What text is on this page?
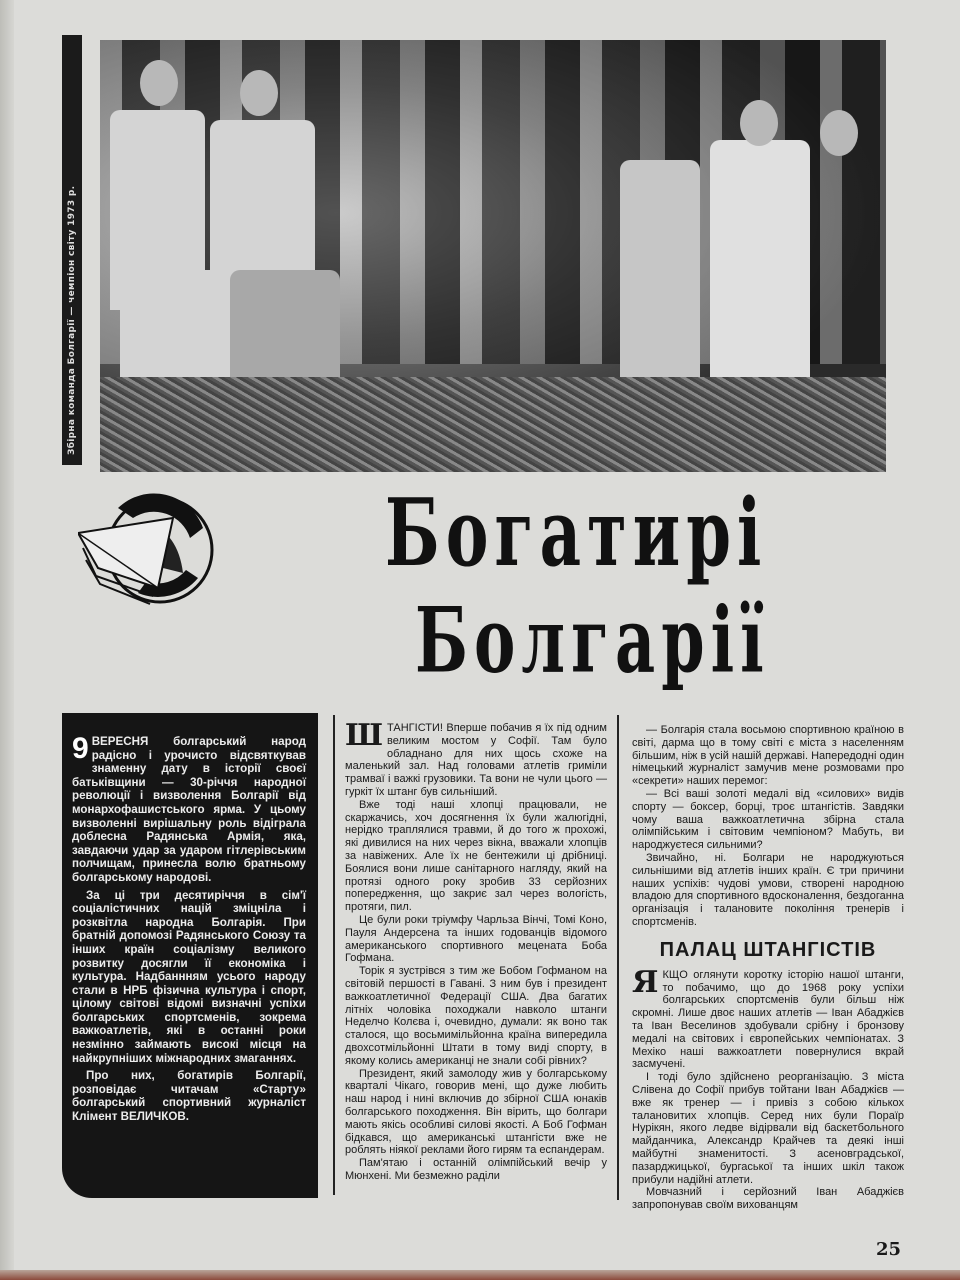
Збірна команда Болгарії — чемпіон світу 1973 р.
Богатирі
Болгарії

9 ВЕРЕСНЯ болгарський народ радісно і урочисто відсвяткував знаменну дату в історії своєї батьківщини — 30-річчя народної революції і визволення Болгарії від монархофашистського ярма. У цьому визволенні вирішальну роль відіграла доблесна Радянська Армія, яка, завдаючи удар за ударом гітлерівським полчищам, принесла волю братньому болгарському народові.

За ці три десятиріччя в сім'ї соціалістичних націй зміцніла і розквітла народна Болгарія. При братній допомозі Радянського Союзу та інших країн соціалізму великого розвитку досягли її економіка і культура. Надбаннням усього народу стали в НРБ фізична культура і спорт, цілому світові відомі визначні успіхи болгарських спортсменів, зокрема важкоатлетів, які в останні роки незмінно займають високі місця на найкрупніших міжнародних змаганнях.

Про них, богатирів Болгарії, розповідає читачам «Старту» болгарський спортивний журналіст Клімент ВЕЛИЧКОВ.

ШТАНГІСТИ! Вперше побачив я їх під одним великим мостом у Софії. Там було обладнано для них щось схоже на маленький зал. Над головами атлетів гриміли трамваї і важкі грузовики. Та вони не чули цього — гуркіт їх штанг був сильніший.

Вже тоді наші хлопці працювали, не скаржачись, хоч досягнення їх були жалюгідні, нерідко траплялися травми, й до того ж прохожі, які дивилися на них через вікна, вважали хлопців за навіжених. Але їх не бентежили ці дрібниці. Боялися вони лише санітарного нагляду, який на протязі одного року зробив 33 серйозних попередження, що закриє зал через вологість, протяги, пил.

Це були роки тріумфу Чарльза Вінчі, Томі Коно, Пауля Андерсена та інших годованців відомого американського спортивного мецената Боба Гофмана.

Торік я зустрівся з тим же Бобом Гофманом на світовій першості в Гавані. З ним був і президент важкоатлетичної Федерації США. Два багатих літніх чоловіка походжали навколо штанги Неделчо Колєва і, очевидно, думали: як воно так сталося, що восьмимільйонна країна випередила двохсотмільйонні Штати в тому виді спорту, в якому колись американці не знали собі рівних?

Президент, який замолоду жив у болгарському кварталі Чікаго, говорив мені, що дуже любить наш народ і нині включив до збірної США юнаків болгарського походження. Він вірить, що болгари мають якісь особливі силові якості. А Боб Гофман бідкався, що американські штангісти вже не роблять ніякої реклами його гирям та еспандерам.

Пам'ятаю і останній олімпійський вечір у Мюнхені. Ми безмежно раділи

— Болгарія стала восьмою спортивною країною в світі, дарма що в тому світі є міста з населенням більшим, ніж в усій нашій державі. Напередодні один німецький журналіст замучив мене розмовами про «секрети» наших перемог:

— Всі ваші золоті медалі від «силових» видів спорту — боксер, борці, троє штангістів. Завдяки чому ваша важкоатлетична збірна стала олімпійським і світовим чемпіоном? Мабуть, ви народжуєтеся сильними?

Звичайно, ні. Болгари не народжуються сильнішими від атлетів інших країн. Є три причини наших успіхів: чудові умови, створені народною владою для спортивного вдосконалення, бездоганна організація і талановите покоління тренерів і спортсменів.

ПАЛАЦ ШТАНГІСТІВ

ЯКЩО оглянути коротку історію нашої штанги, то побачимо, що до 1968 року успіхи болгарських спортсменів були більш ніж скромні. Лише двоє наших атлетів — Іван Абаджієв та Іван Веселинов здобували срібну і бронзову медалі на світових і європейських чемпіонатах. З Мехіко наші важкоатлети повернулися вкрай засмучені.

І тоді було здійснено реорганізацію. З міста Слівена до Софії прибув тойтани Іван Абаджієв — вже як тренер — і привіз з собою кількох талановитих хлопців. Серед них були Пораїр Нурікян, якого ледве відірвали від баскетбольного майданчика, Александр Крайчев та деякі інші майбутні знаменитості. З асеновградської, пазарджицької, бургаської та інших шкіл також прибули надійні атлети.

Мовчазний і серйозний Іван Абаджієв запропонував своїм вихованцям

25
